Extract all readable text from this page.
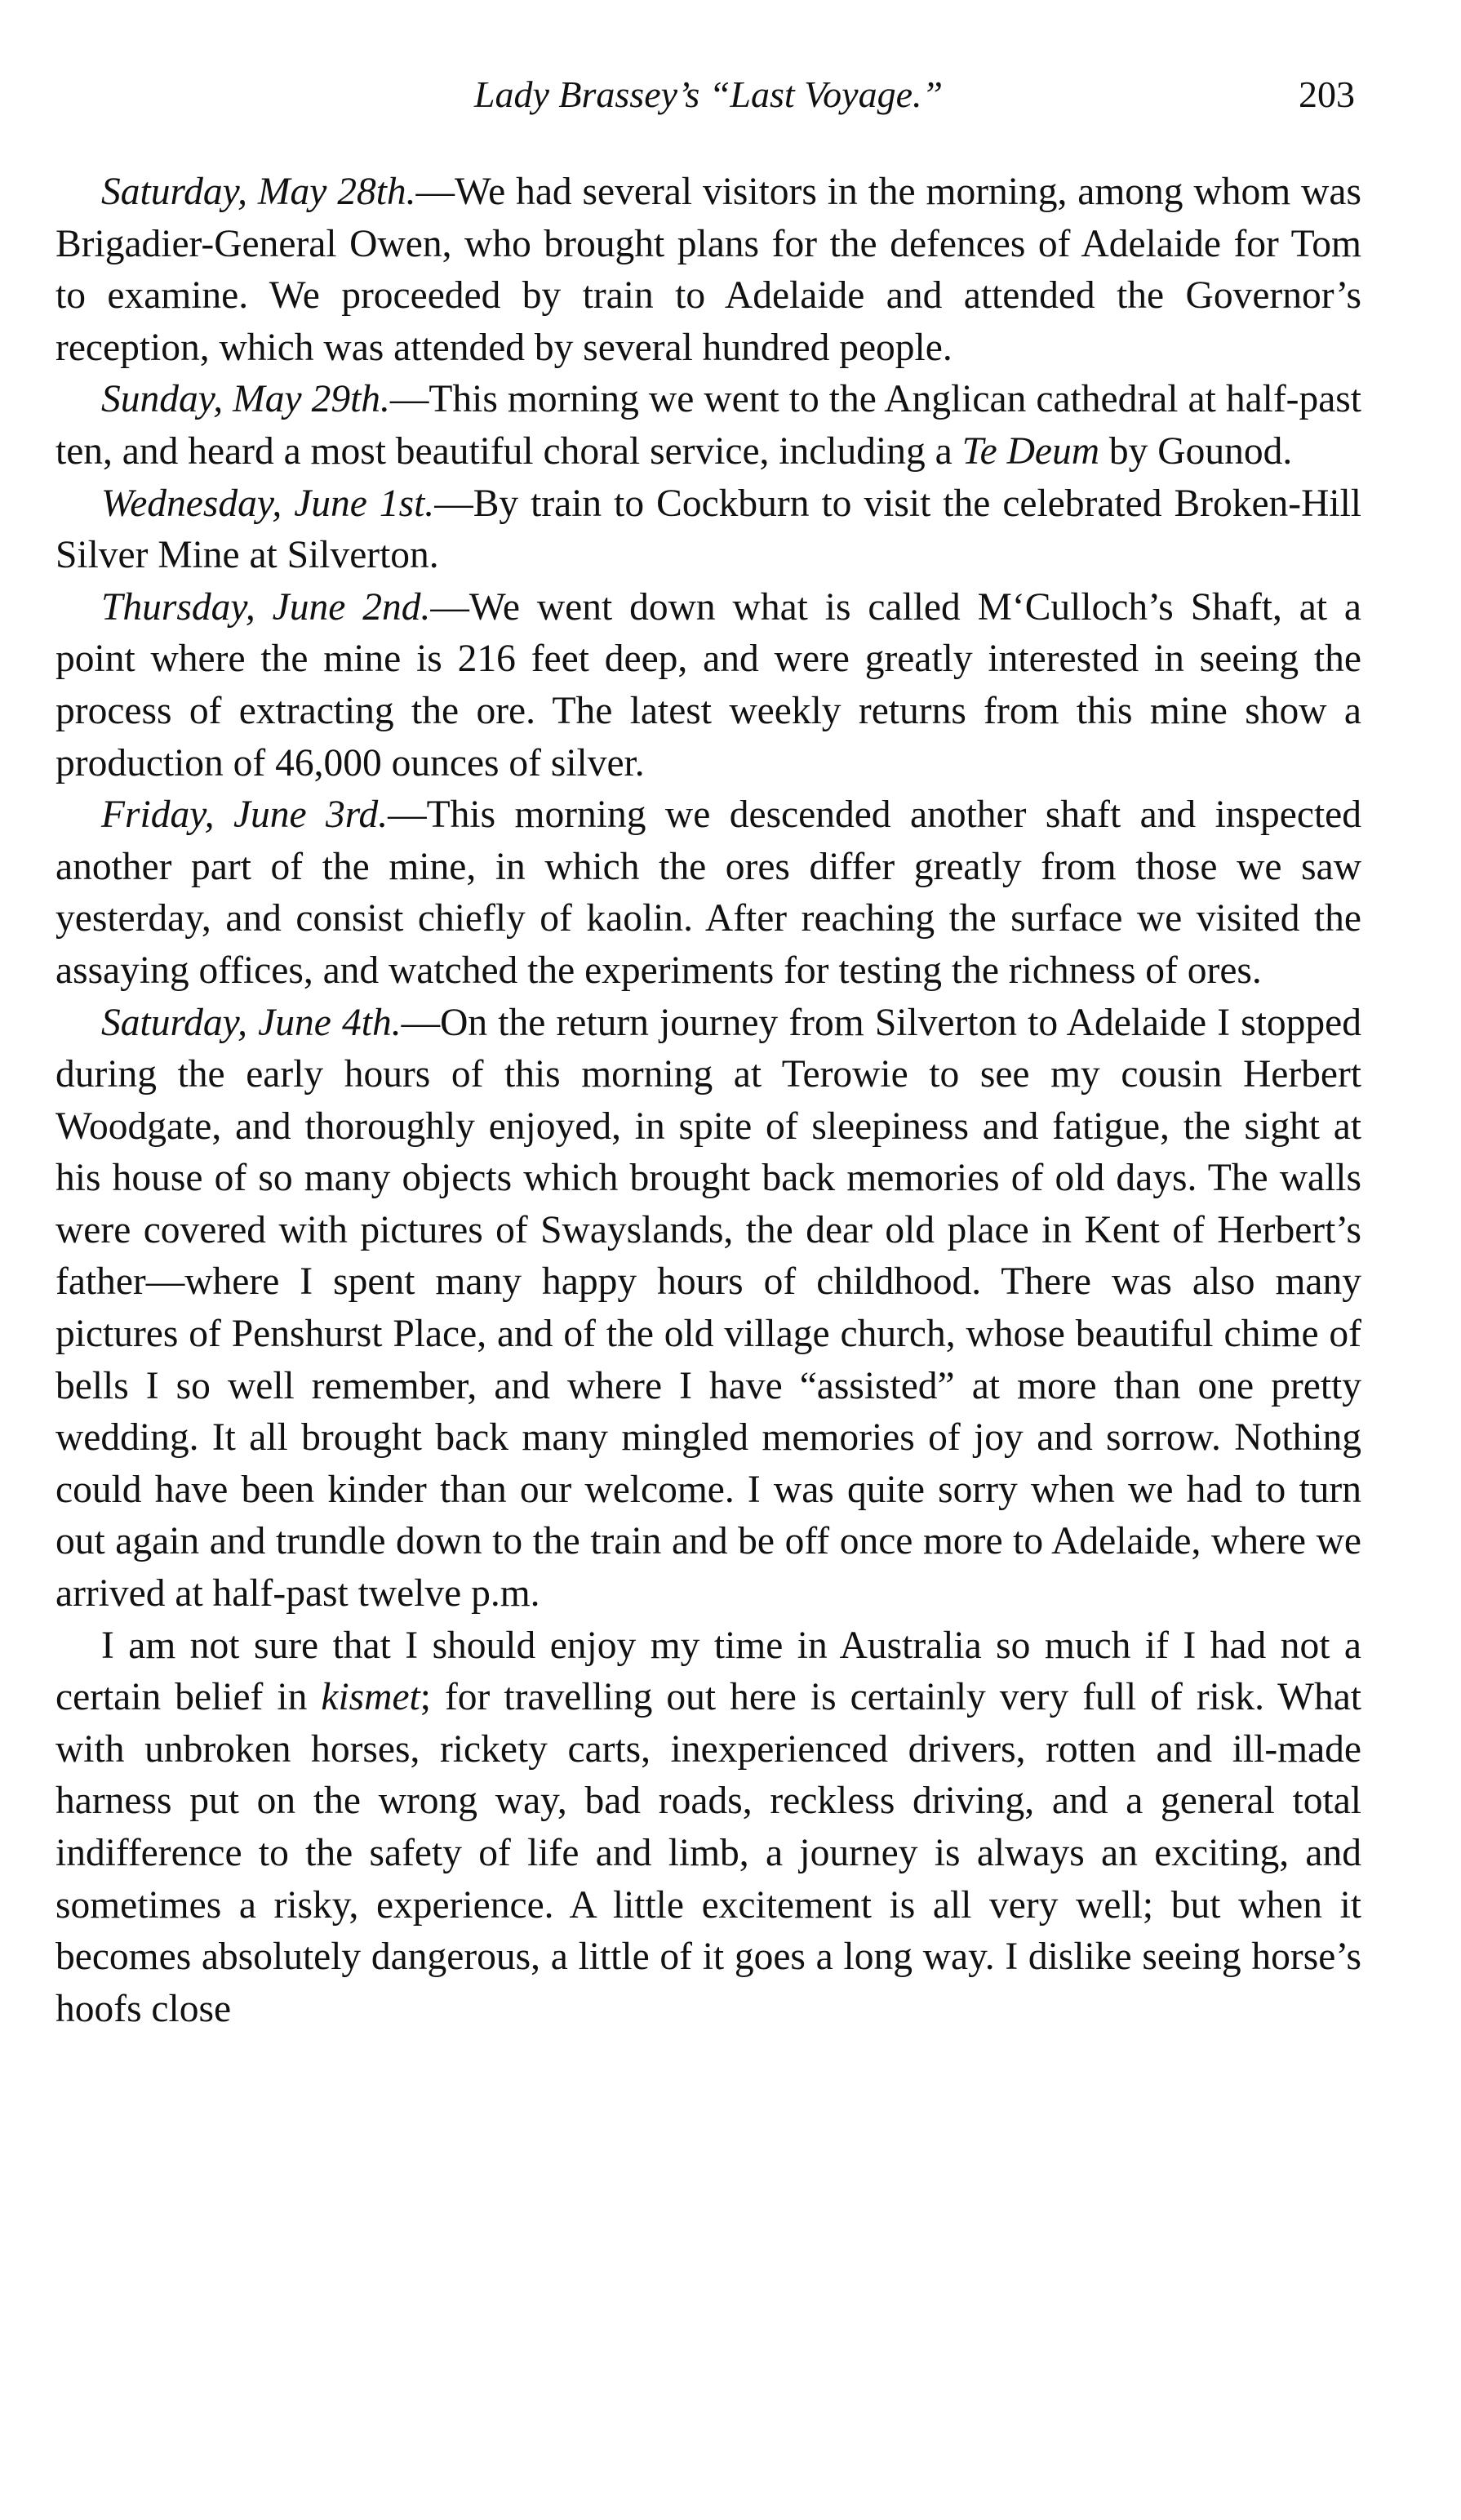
Lady Brassey’s “Last Voyage.”	203

Saturday, May 28th.—We had several visitors in the morning, among whom was Brigadier-General Owen, who brought plans for the defences of Adelaide for Tom to examine. We proceeded by train to Adelaide and attended the Governor’s reception, which was attended by several hundred people.

Sunday, May 29th.—This morning we went to the Anglican cathedral at half-past ten, and heard a most beautiful choral service, including a Te Deum by Gounod.

Wednesday, June 1st.—By train to Cockburn to visit the celebrated Broken-Hill Silver Mine at Silverton.

Thursday, June 2nd.—We went down what is called M‘Culloch’s Shaft, at a point where the mine is 216 feet deep, and were greatly interested in seeing the process of extracting the ore. The latest weekly returns from this mine show a production of 46,000 ounces of silver.

Friday, June 3rd.—This morning we descended another shaft and inspected another part of the mine, in which the ores differ greatly from those we saw yesterday, and consist chiefly of kaolin. After reaching the surface we visited the assaying offices, and watched the experiments for testing the richness of ores.

Saturday, June 4th.—On the return journey from Silverton to Adelaide I stopped during the early hours of this morning at Terowie to see my cousin Herbert Woodgate, and thoroughly enjoyed, in spite of sleepiness and fatigue, the sight at his house of so many objects which brought back memories of old days. The walls were covered with pictures of Swayslands, the dear old place in Kent of Herbert’s father—where I spent many happy hours of childhood. There was also many pictures of Penshurst Place, and of the old village church, whose beautiful chime of bells I so well remember, and where I have “assisted” at more than one pretty wedding. It all brought back many mingled memories of joy and sorrow. Nothing could have been kinder than our welcome. I was quite sorry when we had to turn out again and trundle down to the train and be off once more to Adelaide, where we arrived at half-past twelve p.m.

I am not sure that I should enjoy my time in Australia so much if I had not a certain belief in kismet; for travelling out here is certainly very full of risk. What with unbroken horses, rickety carts, inexperienced drivers, rotten and ill-made harness put on the wrong way, bad roads, reckless driving, and a general total indifference to the safety of life and limb, a journey is always an exciting, and sometimes a risky, experience. A little excitement is all very well; but when it becomes absolutely dangerous, a little of it goes a long way. I dislike seeing horse’s hoofs close
